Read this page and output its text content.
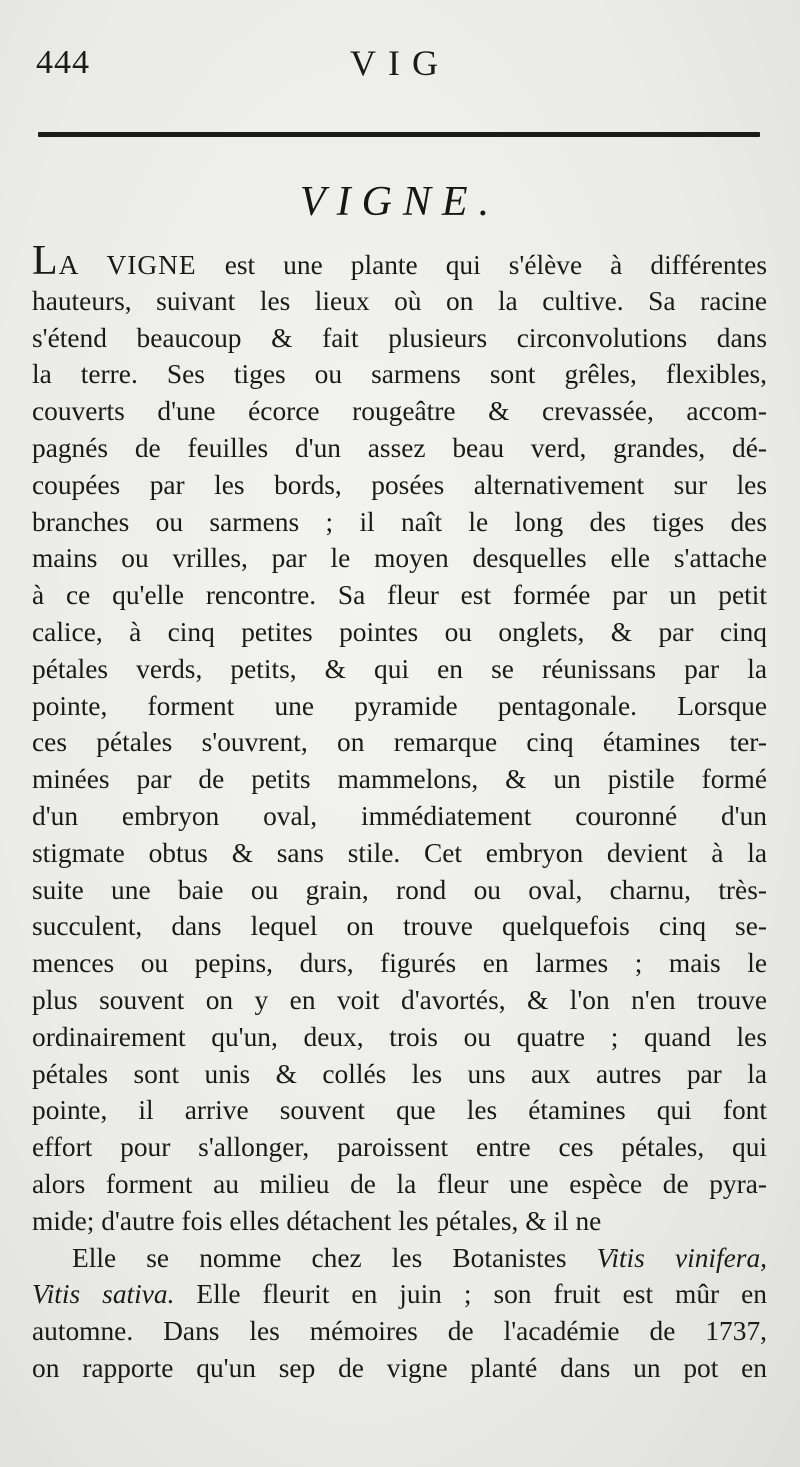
444	VIG
VIGNE.
LA VIGNE est une plante qui s'élève à différentes
hauteurs, suivant les lieux où on la cultive. Sa racine
s'étend beaucoup & fait plusieurs circonvolutions dans
la terre. Ses tiges ou sarmens sont grêles, flexibles,
couverts d'une écorce rougeâtre & crevassée, accom-
pagnés de feuilles d'un assez beau verd, grandes, dé-
coupées par les bords, posées alternativement sur les
branches ou sarmens ; il naît le long des tiges des
mains ou vrilles, par le moyen desquelles elle s'attache
à ce qu'elle rencontre. Sa fleur est formée par un petit
calice, à cinq petites pointes ou onglets, & par cinq
pétales verds, petits, & qui en se réunissans par la
pointe, forment une pyramide pentagonale. Lorsque
ces pétales s'ouvrent, on remarque cinq étamines ter-
minées par de petits mammelons, & un pistile formé
d'un embryon oval, immédiatement couronné d'un
stigmate obtus & sans stile. Cet embryon devient à la
suite une baie ou grain, rond ou oval, charnu, très-
succulent, dans lequel on trouve quelquefois cinq se-
mences ou pepins, durs, figurés en larmes ; mais le
plus souvent on y en voit d'avortés, & l'on n'en trouve
ordinairement qu'un, deux, trois ou quatre ; quand les
pétales sont unis & collés les uns aux autres par la
pointe, il arrive souvent que les étamines qui font
effort pour s'allonger, paroissent entre ces pétales, qui
alors forment au milieu de la fleur une espèce de pyra-
mide; d'autre fois elles détachent les pétales, & il ne
Elle se nomme chez les Botanistes Vitis vinifera,
Vitis sativa. Elle fleurit en juin ; son fruit est mûr en
automne. Dans les mémoires de l'académie de 1737,
on rapporte qu'un sep de vigne planté dans un pot en
